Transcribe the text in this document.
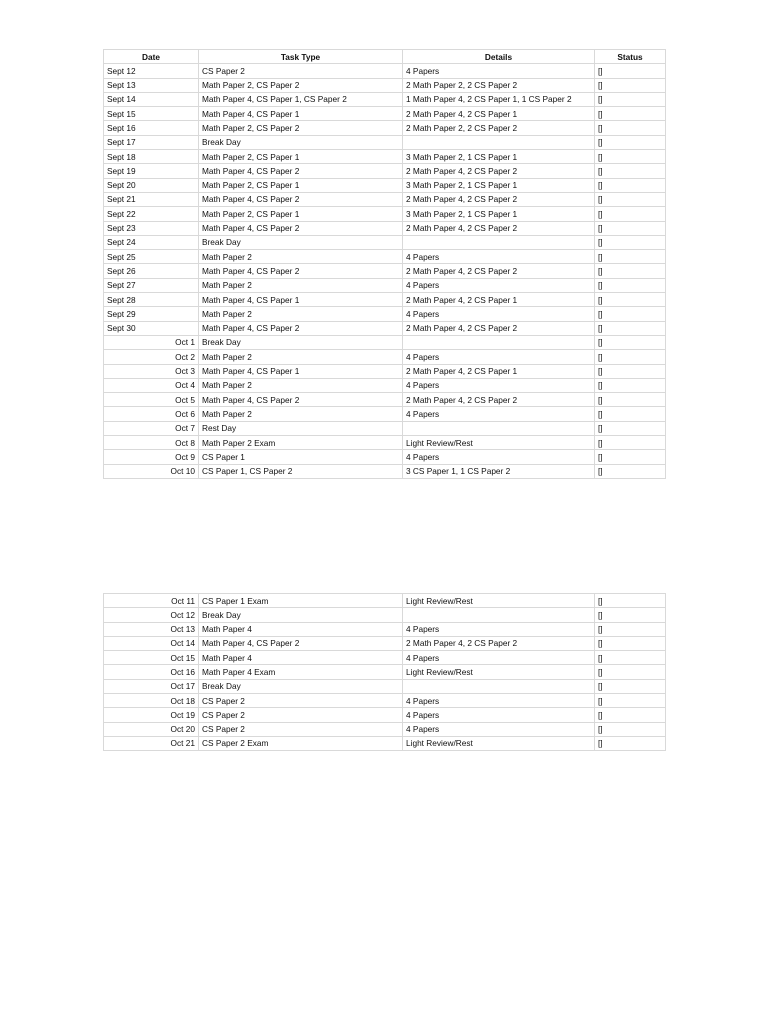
Date	Task Type	Details	Status
Sept 12	CS Paper 2	4 Papers	[]
Sept 13	Math Paper 2, CS Paper 2	2 Math Paper 2, 2 CS Paper 2	[]
Sept 14	Math Paper 4, CS Paper 1, CS Paper 2	1 Math Paper 4, 2 CS Paper 1, 1 CS Paper 2	[]
Sept 15	Math Paper 4, CS Paper 1	2 Math Paper 4, 2 CS Paper 1	[]
Sept 16	Math Paper 2, CS Paper 2	2 Math Paper 2, 2 CS Paper 2	[]
Sept 17	Break Day		[]
Sept 18	Math Paper 2, CS Paper 1	3 Math Paper 2, 1 CS Paper 1	[]
Sept 19	Math Paper 4, CS Paper 2	2 Math Paper 4, 2 CS Paper 2	[]
Sept 20	Math Paper 2, CS Paper 1	3 Math Paper 2, 1 CS Paper 1	[]
Sept 21	Math Paper 4, CS Paper 2	2 Math Paper 4, 2 CS Paper 2	[]
Sept 22	Math Paper 2, CS Paper 1	3 Math Paper 2, 1 CS Paper 1	[]
Sept 23	Math Paper 4, CS Paper 2	2 Math Paper 4, 2 CS Paper 2	[]
Sept 24	Break Day		[]
Sept 25	Math Paper 2	4 Papers	[]
Sept 26	Math Paper 4, CS Paper 2	2 Math Paper 4, 2 CS Paper 2	[]
Sept 27	Math Paper 2	4 Papers	[]
Sept 28	Math Paper 4, CS Paper 1	2 Math Paper 4, 2 CS Paper 1	[]
Sept 29	Math Paper 2	4 Papers	[]
Sept 30	Math Paper 4, CS Paper 2	2 Math Paper 4, 2 CS Paper 2	[]
Oct 1	Break Day		[]
Oct 2	Math Paper 2	4 Papers	[]
Oct 3	Math Paper 4, CS Paper 1	2 Math Paper 4, 2 CS Paper 1	[]
Oct 4	Math Paper 2	4 Papers	[]
Oct 5	Math Paper 4, CS Paper 2	2 Math Paper 4, 2 CS Paper 2	[]
Oct 6	Math Paper 2	4 Papers	[]
Oct 7	Rest Day		[]
Oct 8	Math Paper 2 Exam	Light Review/Rest	[]
Oct 9	CS Paper 1	4 Papers	[]
Oct 10	CS Paper 1, CS Paper 2	3 CS Paper 1, 1 CS Paper 2	[]
Oct 11	CS Paper 1 Exam	Light Review/Rest	[]
Oct 12	Break Day		[]
Oct 13	Math Paper 4	4 Papers	[]
Oct 14	Math Paper 4, CS Paper 2	2 Math Paper 4, 2 CS Paper 2	[]
Oct 15	Math Paper 4	4 Papers	[]
Oct 16	Math Paper 4 Exam	Light Review/Rest	[]
Oct 17	Break Day		[]
Oct 18	CS Paper 2	4 Papers	[]
Oct 19	CS Paper 2	4 Papers	[]
Oct 20	CS Paper 2	4 Papers	[]
Oct 21	CS Paper 2 Exam	Light Review/Rest	[]
